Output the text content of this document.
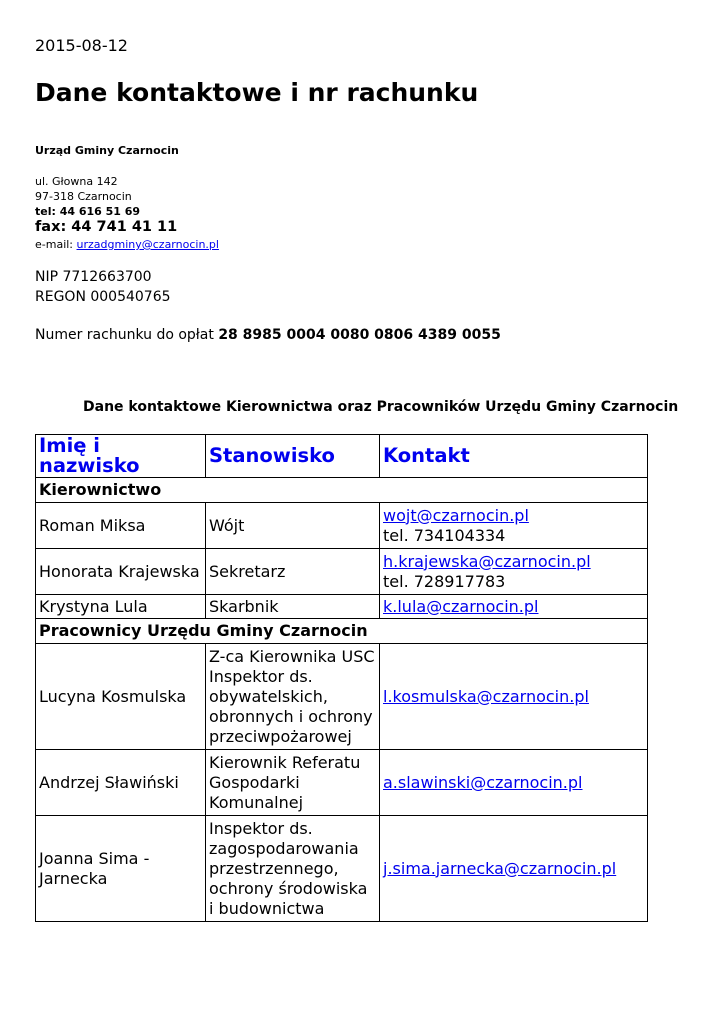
2015-08-12
Dane kontaktowe i nr rachunku
Urząd Gminy Czarnocin
ul. Głowna 142
97-318 Czarnocin
tel: 44 616 51 69
fax: 44 741 41 11
e-mail: urzadgminy@czarnocin.pl
NIP 7712663700
REGON 000540765
Numer rachunku do opłat 28 8985 0004 0080 0806 4389 0055
Dane kontaktowe Kierownictwa oraz Pracowników Urzędu Gminy Czarnocin
Imię i nazwisko	Stanowisko	Kontakt
Kierownictwo		
Roman Miksa	Wójt	wojt@czarnocin.pl
tel. 734104334

Honorata Krajewska	Sekretarz	h.krajewska@czarnocin.pl
tel. 728917783

Krystyna Lula	Skarbnik	k.lula@czarnocin.pl
Pracownicy Urzędu Gminy Czarnocin		
Lucyna Kosmulska	Z-ca Kierownika USC Inspektor ds. obywatelskich, obronnych i ochrony przeciwpożarowej	l.kosmulska@czarnocin.pl
Andrzej Sławiński	Kierownik Referatu Gospodarki Komunalnej	a.slawinski@czarnocin.pl
Joanna Sima - Jarnecka	Inspektor ds. zagospodarowania przestrzennego, ochrony środowiska i budownictwa	j.sima.jarnecka@czarnocin.pl
